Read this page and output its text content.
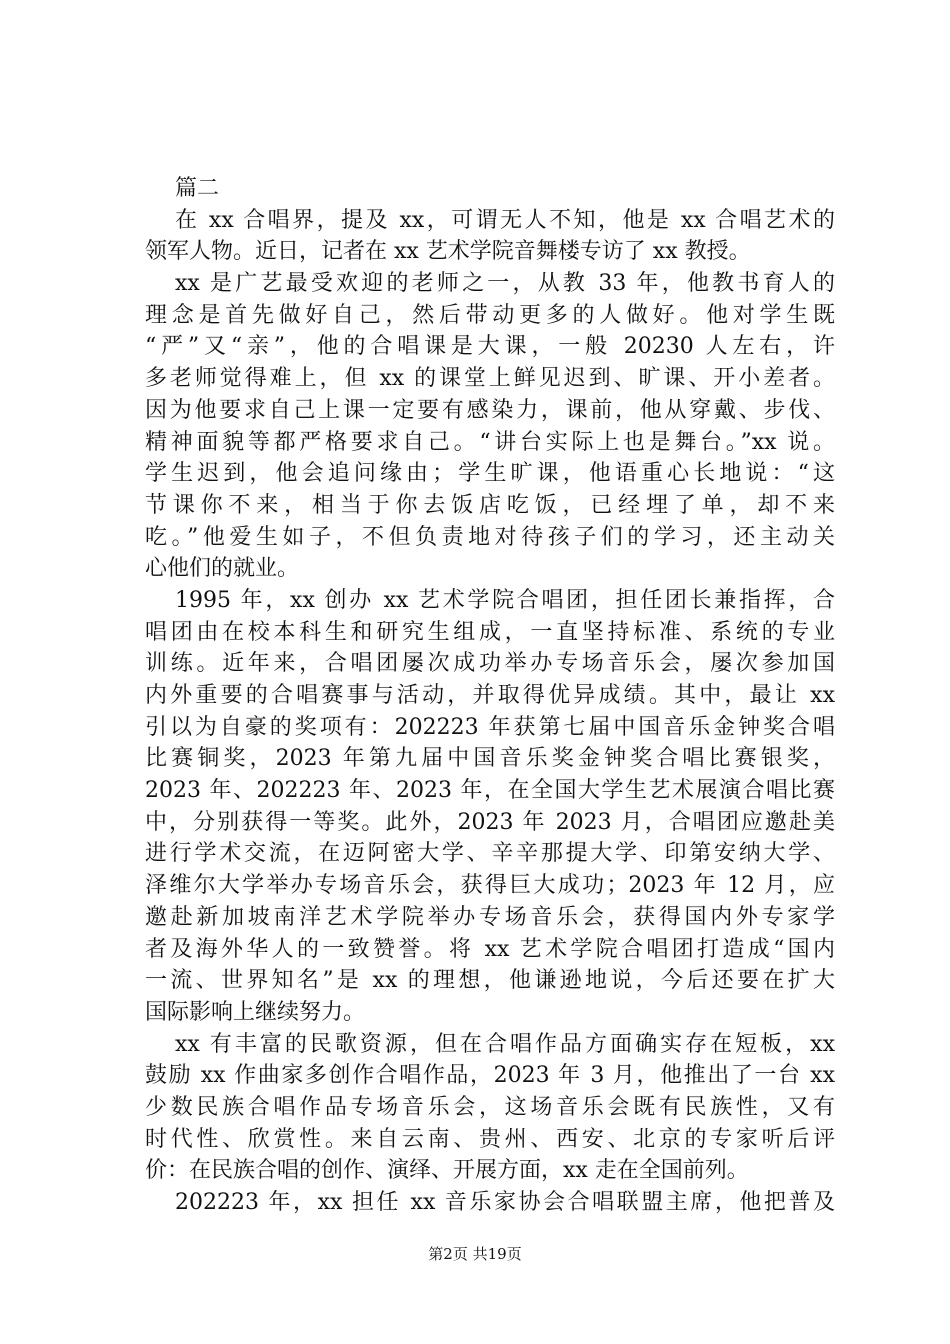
篇二
在 xx 合唱界，提及 xx，可谓无人不知，他是 xx 合唱艺术的
领军人物。近日，记者在 xx 艺术学院音舞楼专访了 xx 教授。
xx 是广艺最受欢迎的老师之一，从教 33 年，他教书育人的
理念是首先做好自己，然后带动更多的人做好。他对学生既
“严”又“亲”，他的合唱课是大课，一般 20230 人左右，许
多老师觉得难上，但 xx 的课堂上鲜见迟到、旷课、开小差者。
因为他要求自己上课一定要有感染力，课前，他从穿戴、步伐、
精神面貌等都严格要求自己。“讲台实际上也是舞台。”xx 说。
学生迟到，他会追问缘由；学生旷课，他语重心长地说：“这
节课你不来，相当于你去饭店吃饭，已经埋了单，却不来
吃。”他爱生如子，不但负责地对待孩子们的学习，还主动关
心他们的就业。
1995 年，xx 创办 xx 艺术学院合唱团，担任团长兼指挥，合
唱团由在校本科生和研究生组成，一直坚持标准、系统的专业
训练。近年来，合唱团屡次成功举办专场音乐会，屡次参加国
内外重要的合唱赛事与活动，并取得优异成绩。其中，最让 xx
引以为自豪的奖项有：202223 年获第七届中国音乐金钟奖合唱
比赛铜奖，2023 年第九届中国音乐奖金钟奖合唱比赛银奖，
2023 年、202223 年、2023 年，在全国大学生艺术展演合唱比赛
中，分别获得一等奖。此外，2023 年 2023 月，合唱团应邀赴美
进行学术交流，在迈阿密大学、辛辛那提大学、印第安纳大学、
泽维尔大学举办专场音乐会，获得巨大成功；2023 年 12 月，应
邀赴新加坡南洋艺术学院举办专场音乐会，获得国内外专家学
者及海外华人的一致赞誉。将 xx 艺术学院合唱团打造成“国内
一流、世界知名”是 xx 的理想，他谦逊地说，今后还要在扩大
国际影响上继续努力。
xx 有丰富的民歌资源，但在合唱作品方面确实存在短板，xx
鼓励 xx 作曲家多创作合唱作品，2023 年 3 月，他推出了一台 xx
少数民族合唱作品专场音乐会，这场音乐会既有民族性，又有
时代性、欣赏性。来自云南、贵州、西安、北京的专家听后评
价：在民族合唱的创作、演绎、开展方面，xx 走在全国前列。
202223 年，xx 担任 xx 音乐家协会合唱联盟主席，他把普及
第2页 共19页
